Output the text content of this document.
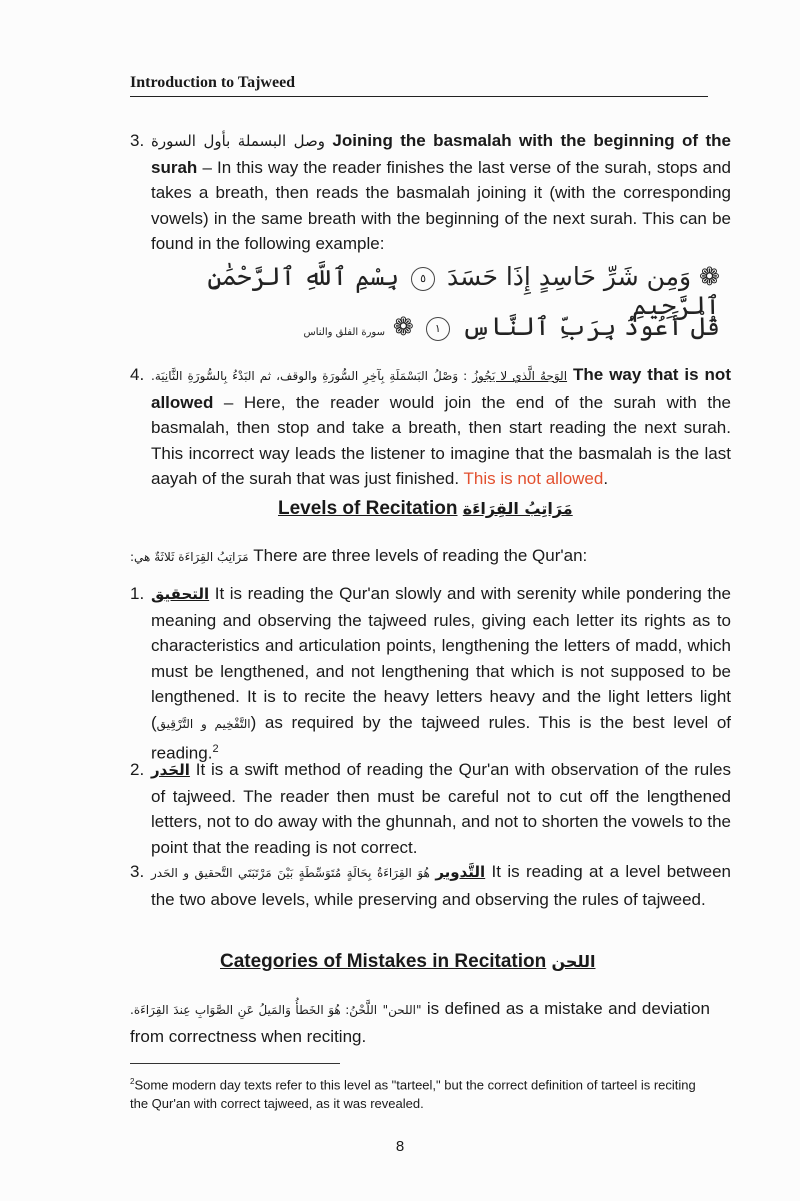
Introduction to Tajweed
3. وصل البسملة بأول السورة Joining the basmalah with the beginning of the surah – In this way the reader finishes the last verse of the surah, stops and takes a breath, then reads the basmalah joining it (with the corresponding vowels) in the same breath with the beginning of the next surah. This can be found in the following example:
❁ وَمِن شَرِّ حَاسِدٍ إِذَا حَسَدَ ٥ بِسْمِ ٱللَّهِ ٱلرَّحْمَٰنِ ٱلرَّحِيمِ
قُلْ أَعُوذُ بِرَبِّ ٱلنَّاسِ ١ ❁ سورة الفلق والناس
4.	الوَجهُ الَّذي لا يَجُوزُ : وَصْلُ البَسْمَلَةِ بِآخِرِ السُّورَةِ والوقف، ثم البَدْءُ بِالسُّورَةِ الثَّانِيَة.	The way that is not allowed – Here, the reader would join the end of the surah with the basmalah, then stop and take a breath, then start reading the next surah. This incorrect way leads the listener to imagine that the basmalah is the last aayah of the surah that was just finished. This is not allowed.
Levels of Recitation مَرَاتِبُ القِرَاءَة
مَرَاتِبُ القِرَاءَة ثَلاثَةٌ هي: There are three levels of reading the Qur'an:
1. التحقيق It is reading the Qur'an slowly and with serenity while pondering the meaning and observing the tajweed rules, giving each letter its rights as to characteristics and articulation points, lengthening the letters of madd, which must be lengthened, and not lengthening that which is not supposed to be lengthened. It is to recite the heavy letters heavy and the light letters light (التَّفْخِيم و التَّرْقِيق) as required by the tajweed rules. This is the best level of reading.$^2$
2. الحَدر It is a swift method of reading the Qur'an with observation of the rules of tajweed. The reader then must be careful not to cut off the lengthened letters, not to do away with the ghunnah, and not to shorten the vowels to the point that the reading is not correct.
3.	التَّدوير هُوَ القِرَاءَةُ بِحَالَةٍ مُتَوَسِّطَةٍ بَيْنَ مَرْتَبَتَي التَّحقيق و الحَدر	It is reading at a level between the two above levels, while preserving and observing the rules of tajweed.
Categories of Mistakes in Recitation اللحن
اللَّحْنُ: هُوَ الخَطأُ وَالمَيلُ عَنِ الصَّوَابِ عِندَ القِرَاءَة. "اللحن" is defined as a mistake and deviation from correctness when reciting.
$^2$Some modern day texts refer to this level as "tarteel," but the correct definition of tarteel is reciting the Qur'an with correct tajweed, as it was revealed.
8
